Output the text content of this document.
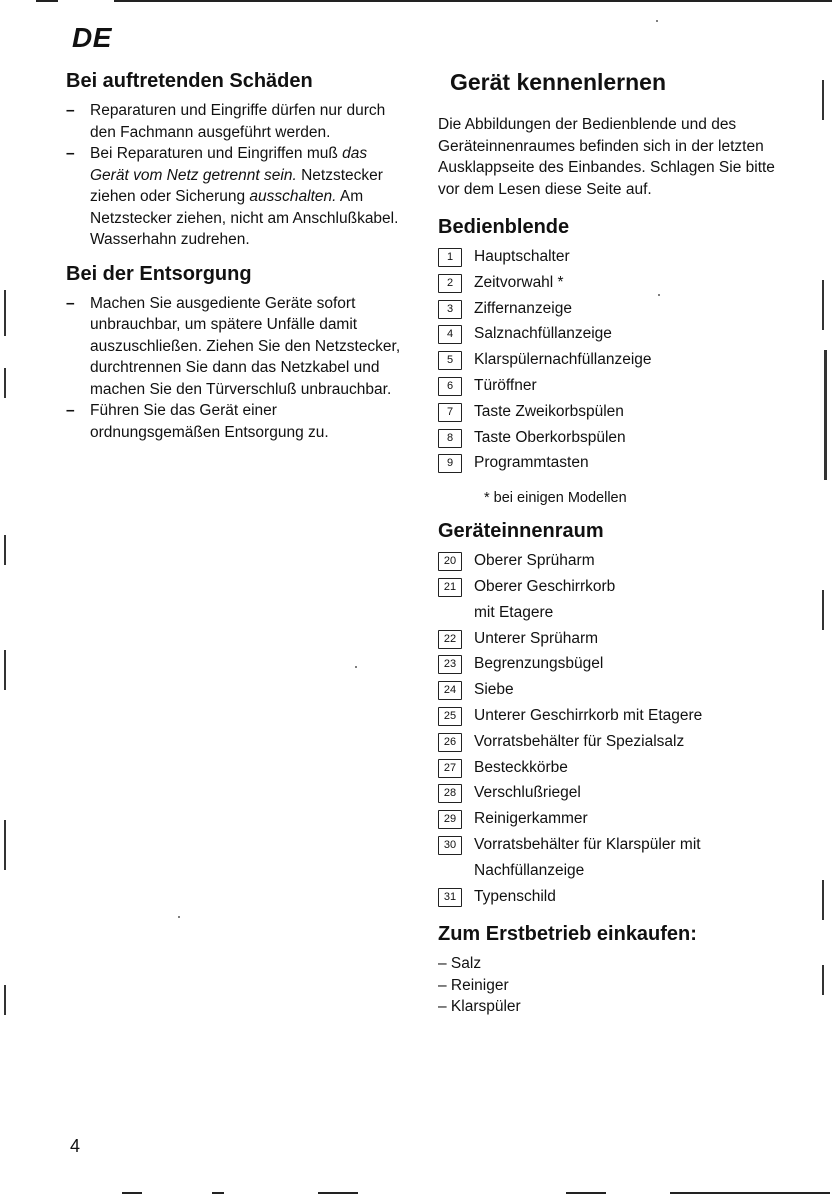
DE
Bei auftretenden Schäden
– Reparaturen und Eingriffe dürfen nur durch den Fachmann ausgeführt werden.
– Bei Reparaturen und Eingriffen muß das Gerät vom Netz getrennt sein. Netzstecker ziehen oder Sicherung ausschalten. Am Netzstecker ziehen, nicht am Anschlußkabel. Wasserhahn zudrehen.
Bei der Entsorgung
– Machen Sie ausgediente Geräte sofort unbrauchbar, um spätere Unfälle damit auszuschließen. Ziehen Sie den Netzstecker, durchtrennen Sie dann das Netzkabel und machen Sie den Türverschluß unbrauchbar.
– Führen Sie das Gerät einer ordnungsgemäßen Entsorgung zu.
Gerät kennenlernen

Die Abbildungen der Bedienblende und des Geräteinnenraumes befinden sich in der letzten Ausklappseite des Einbandes. Schlagen Sie bitte vor dem Lesen diese Seite auf.

Bedienblende
1	Hauptschalter
2	Zeitvorwahl *
3	Ziffernanzeige
4	Salznachfüllanzeige
5	Klarspülernachfüllanzeige
6	Türöffner
7	Taste Zweikorbspülen
8	Taste Oberkorbspülen
9	Programmtasten
* bei einigen Modellen
Geräteinnenraum
20	Oberer Sprüharm
21	Oberer Geschirrkorb
mit Etagere
22	Unterer Sprüharm
23	Begrenzungsbügel
24	Siebe
25	Unterer Geschirrkorb mit Etagere
26	Vorratsbehälter für Spezialsalz
27	Besteckkörbe
28	Verschlußriegel
29	Reinigerkammer
30	Vorratsbehälter für Klarspüler mit
Nachfüllanzeige
31	Typenschild
Zum Erstbetrieb einkaufen:
– Salz
– Reiniger
– Klarspüler
4
